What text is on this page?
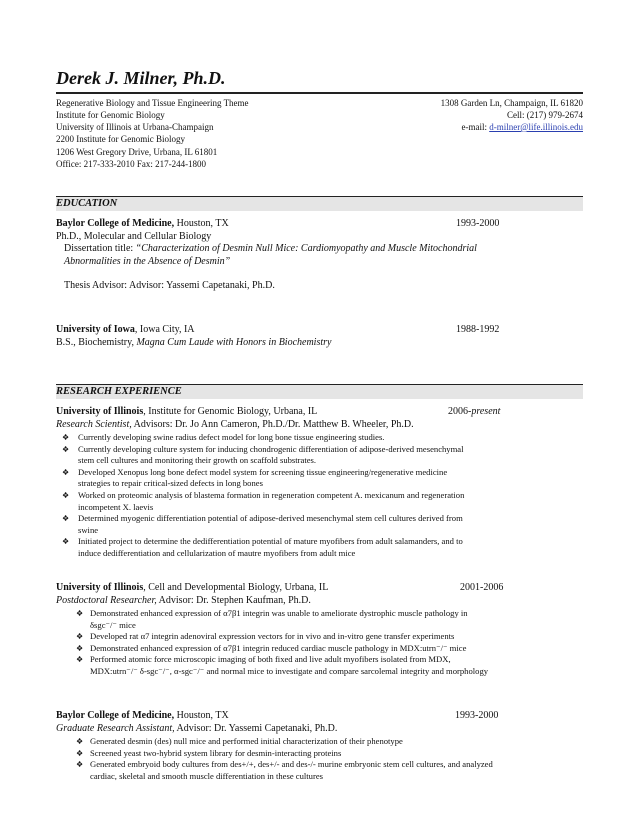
Derek J. Milner, Ph.D.
Regenerative Biology and Tissue Engineering Theme	1308 Garden Ln, Champaign, IL 61820
Institute for Genomic Biology	Cell: (217) 979-2674
University of Illinois at Urbana-Champaign	e-mail: d-milner@life.illinois.edu
2200 Institute for Genomic Biology
1206 West Gregory Drive, Urbana, IL 61801
Office: 217-333-2010 Fax: 217-244-1800
EDUCATION
Baylor College of Medicine, Houston, TX	1993-2000
Ph.D., Molecular and Cellular Biology
Dissertation title: “Characterization of Desmin Null Mice: Cardiomyopathy and Muscle Mitochondrial
Abnormalities in the Absence of Desmin”
Thesis Advisor: Advisor: Yassemi Capetanaki, Ph.D.
University of Iowa, Iowa City, IA	1988-1992
B.S., Biochemistry, Magna Cum Laude with Honors in Biochemistry
RESEARCH EXPERIENCE
University of Illinois, Institute for Genomic Biology, Urbana, IL	2006-present
Research Scientist, Advisors: Dr. Jo Ann Cameron, Ph.D./Dr. Matthew B. Wheeler, Ph.D.
❖ Currently developing swine radius defect model for long bone tissue engineering studies.
❖ Currently developing culture system for inducing chondrogenic differentiation of adipose-derived mesenchymal
stem cell cultures and monitoring their growth on scaffold substrates.
❖ Developed Xenopus long bone defect model system for screening tissue engineering/regenerative medicine
strategies to repair critical-sized defects in long bones
❖ Worked on proteomic analysis of blastema formation in regeneration competent A. mexicanum and regeneration
incompetent X. laevis
❖ Determined myogenic differentiation potential of adipose-derived mesenchymal stem cell cultures derived from
swine
❖ Initiated project to determine the dedifferentiation potential of mature myofibers from adult salamanders, and to
induce dedifferentiation and cellularization of mautre myofibers from adult mice
University of Illinois, Cell and Developmental Biology, Urbana, IL	2001-2006
Postdoctoral Researcher, Advisor: Dr. Stephen Kaufman, Ph.D.
❖ Demonstrated enhanced expression of α7β1 integrin was unable to ameliorate dystrophic muscle pathology in
δsgc⁻/⁻ mice
❖ Developed rat α7 integrin adenoviral expression vectors for in vivo and in-vitro gene transfer experiments
❖ Demonstrated enhanced expression of α7β1 integrin reduced cardiac muscle pathology in MDX:utrn⁻/⁻ mice
❖ Performed atomic force microscopic imaging of both fixed and live adult myofibers isolated from MDX,
MDX:utrn⁻/⁻ δ-sgc⁻/⁻, α-sgc⁻/⁻ and normal mice to investigate and compare sarcolemal integrity and morphology
Baylor College of Medicine, Houston, TX	1993-2000
Graduate Research Assistant, Advisor: Dr. Yassemi Capetanaki, Ph.D.
❖ Generated desmin (des) null mice and performed initial characterization of their phenotype
❖ Screened yeast two-hybrid system library for desmin-interacting proteins
❖ Generated embryoid body cultures from des+/+, des+/- and des-/- murine embryonic stem cell cultures, and analyzed
cardiac, skeletal and smooth muscle differentiation in these cultures
